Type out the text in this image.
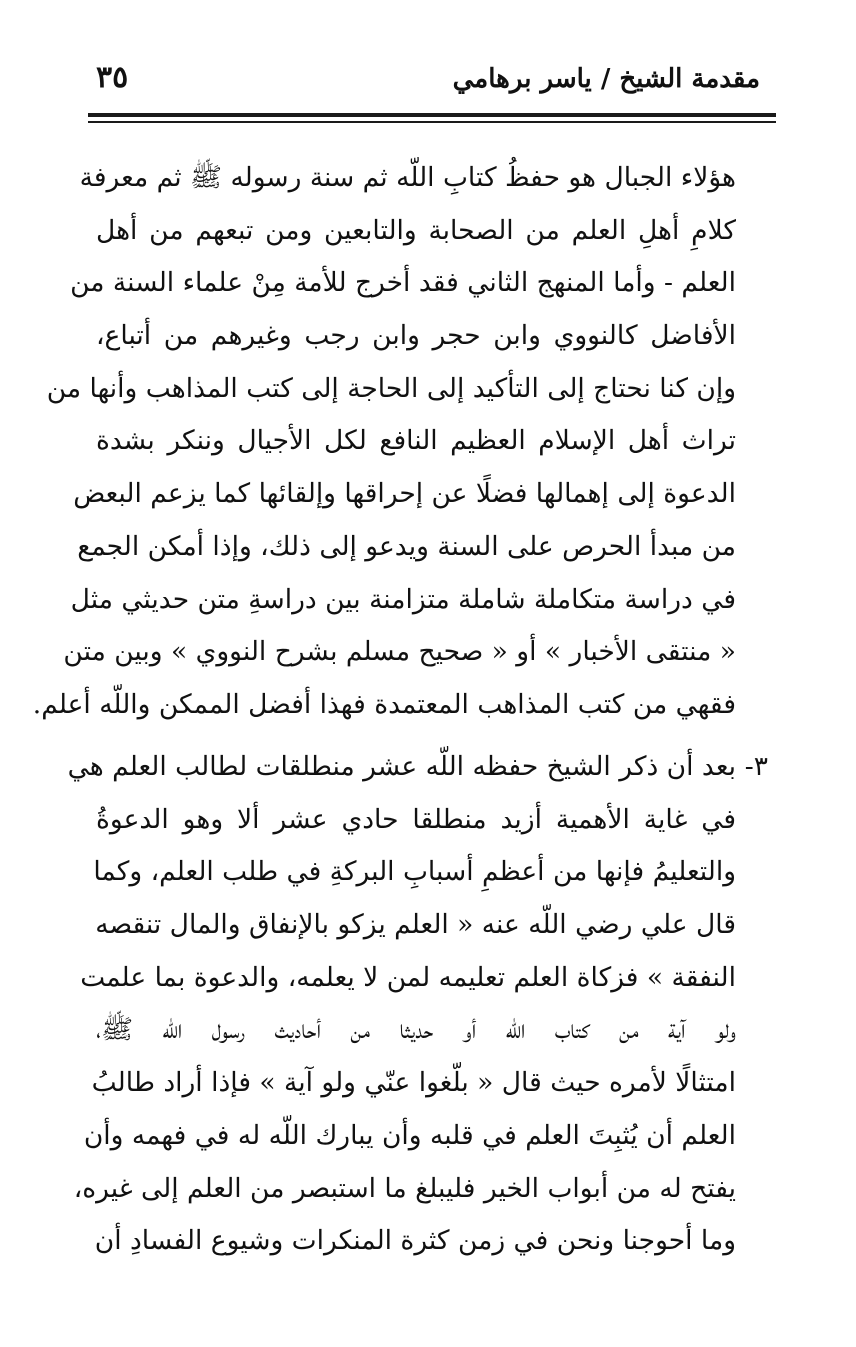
٣٥	مقدمة الشيخ / ياسر برهامي
هؤلاء الجبال هو حفظُ كتابِ اللّه ثم سنة رسوله ﷺ ثم معرفة
كلامِ أهلِ العلم من الصحابة والتابعين ومن تبعهم من أهل
العلم - وأما المنهج الثاني فقد أخرج للأمة مِنْ علماء السنة من
الأفاضل كالنووي وابن حجر وابن رجب وغيرهم من أتباع،
وإن كنا نحتاج إلى التأكيد إلى الحاجة إلى كتب المذاهب وأنها من
تراث أهل الإسلام العظيم النافع لكل الأجيال وننكر بشدة
الدعوة إلى إهمالها فضلًا عن إحراقها وإلقائها كما يزعم البعض
من مبدأ الحرص على السنة ويدعو إلى ذلك، وإذا أمكن الجمع
في دراسة متكاملة شاملة متزامنة بين دراسةِ متن حديثي مثل
« منتقى الأخبار » أو « صحيح مسلم بشرح النووي » وبين متن
فقهي من كتب المذاهب المعتمدة فهذا أفضل الممكن واللّه أعلم.
٣-
بعد أن ذكر الشيخ حفظه اللّه عشر منطلقات لطالب العلم هي
في غاية الأهمية أزيد منطلقا حادي عشر ألا وهو الدعوةُ
والتعليمُ فإنها من أعظمِ أسبابِ البركةِ في طلب العلم، وكما
قال علي رضي اللّه عنه « العلم يزكو بالإنفاق والمال تنقصه
النفقة » فزكاة العلم تعليمه لمن لا يعلمه، والدعوة بما علمت
ولو آية من كتاب اللّه أو حديثا من أحاديث رسول اللّه ﷺ،
امتثالًا لأمره حيث قال « بلّغوا عنّي ولو آية » فإذا أراد طالبُ
العلم أن يُثبِتَ العلم في قلبه وأن يبارك اللّه له في فهمه وأن
يفتح له من أبواب الخير فليبلغ ما استبصر من العلم إلى غيره،
وما أحوجنا ونحن في زمن كثرة المنكرات وشيوع الفسادِ أن
